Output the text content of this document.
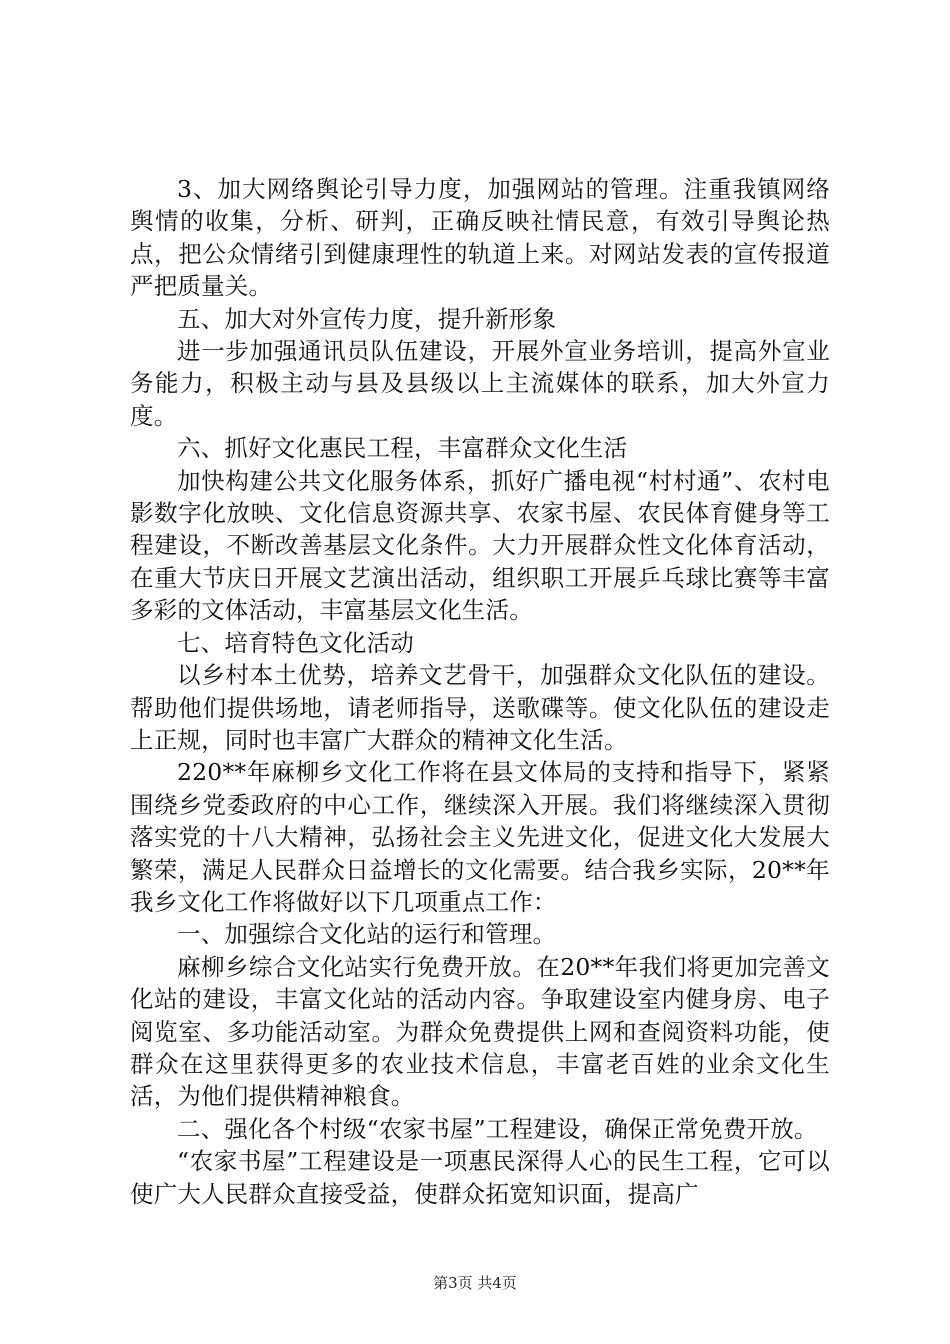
3、加大网络舆论引导力度，加强网站的管理。注重我镇网络舆情的收集，分析、研判，正确反映社情民意，有效引导舆论热点，把公众情绪引到健康理性的轨道上来。对网站发表的宣传报道严把质量关。

五、加大对外宣传力度，提升新形象

进一步加强通讯员队伍建设，开展外宣业务培训，提高外宣业务能力，积极主动与县及县级以上主流媒体的联系，加大外宣力度。

六、抓好文化惠民工程，丰富群众文化生活

加快构建公共文化服务体系，抓好广播电视“村村通”、农村电影数字化放映、文化信息资源共享、农家书屋、农民体育健身等工程建设，不断改善基层文化条件。大力开展群众性文化体育活动，在重大节庆日开展文艺演出活动，组织职工开展乒乓球比赛等丰富多彩的文体活动，丰富基层文化生活。

七、培育特色文化活动

以乡村本土优势，培养文艺骨干，加强群众文化队伍的建设。帮助他们提供场地，请老师指导，送歌碟等。使文化队伍的建设走上正规，同时也丰富广大群众的精神文化生活。

220**年麻柳乡文化工作将在县文体局的支持和指导下，紧紧围绕乡党委政府的中心工作，继续深入开展。我们将继续深入贯彻落实党的十八大精神，弘扬社会主义先进文化，促进文化大发展大繁荣，满足人民群众日益增长的文化需要。结合我乡实际，20**年我乡文化工作将做好以下几项重点工作：

一、加强综合文化站的运行和管理。

麻柳乡综合文化站实行免费开放。在20**年我们将更加完善文化站的建设，丰富文化站的活动内容。争取建设室内健身房、电子阅览室、多功能活动室。为群众免费提供上网和查阅资料功能，使群众在这里获得更多的农业技术信息，丰富老百姓的业余文化生活，为他们提供精神粮食。

二、强化各个村级“农家书屋”工程建设，确保正常免费开放。

“农家书屋”工程建设是一项惠民深得人心的民生工程，它可以使广大人民群众直接受益，使群众拓宽知识面，提高广

第3页 共4页
